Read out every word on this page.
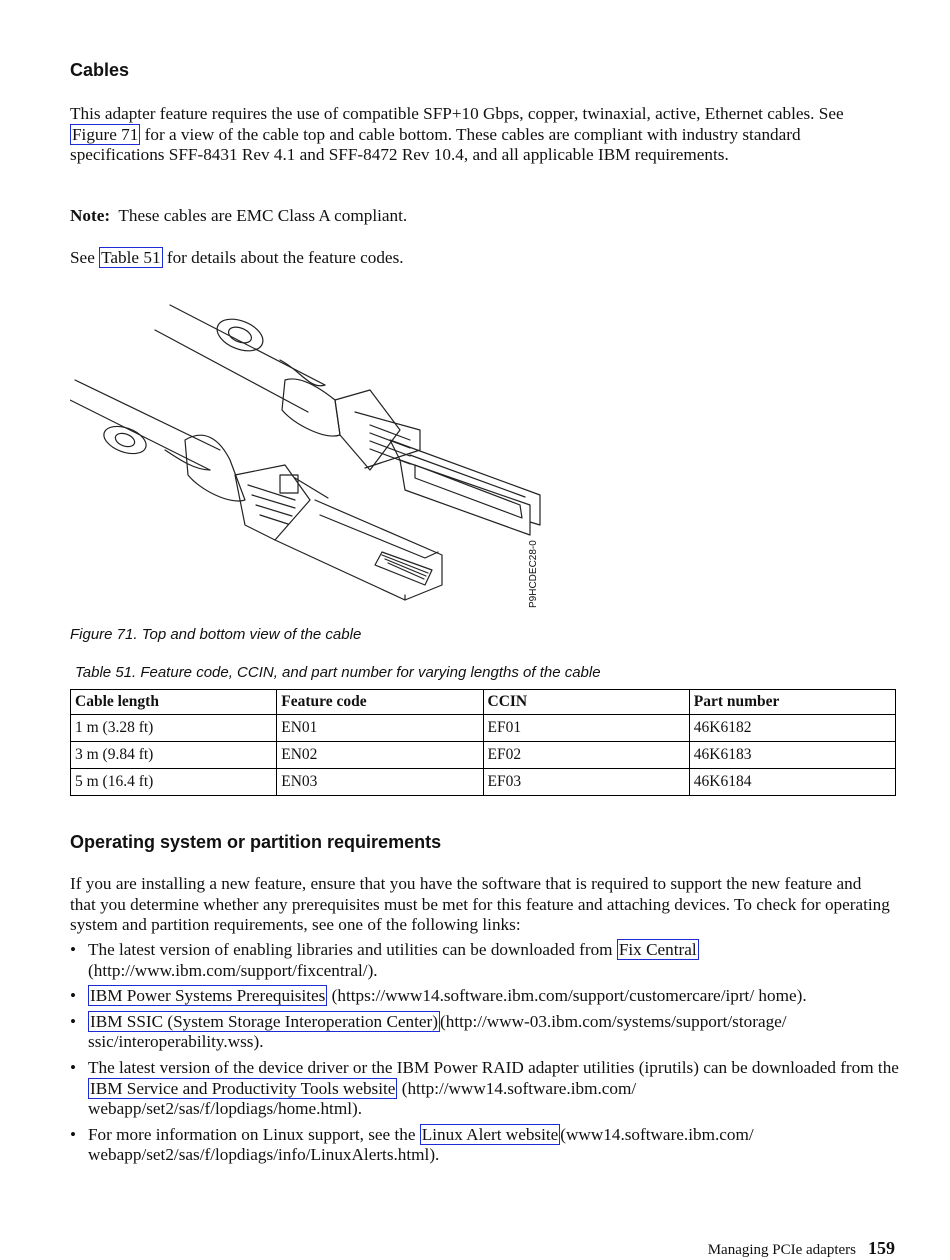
Cables

This adapter feature requires the use of compatible SFP+10 Gbps, copper, twinaxial, active, Ethernet cables. See Figure 71 for a view of the cable top and cable bottom. These cables are compliant with industry standard specifications SFF-8431 Rev 4.1 and SFF-8472 Rev 10.4, and all applicable IBM requirements.

Note: These cables are EMC Class A compliant.

See Table 51 for details about the feature codes.

P9HCDEC28-0

Figure 71. Top and bottom view of the cable

Table 51. Feature code, CCIN, and part number for varying lengths of the cable

Cable length	Feature code	CCIN	Part number
1 m (3.28 ft)	EN01	EF01	46K6182
3 m (9.84 ft)	EN02	EF02	46K6183
5 m (16.4 ft)	EN03	EF03	46K6184
Operating system or partition requirements

If you are installing a new feature, ensure that you have the software that is required to support the new feature and that you determine whether any prerequisites must be met for this feature and attaching devices. To check for operating system and partition requirements, see one of the following links:

• The latest version of enabling libraries and utilities can be downloaded from Fix Central (http://www.ibm.com/support/fixcentral/).
• IBM Power Systems Prerequisites (https://www14.software.ibm.com/support/customercare/iprt/ home).
• IBM SSIC (System Storage Interoperation Center) (http://www-03.ibm.com/systems/support/storage/ ssic/interoperability.wss).
• The latest version of the device driver or the IBM Power RAID adapter utilities (iprutils) can be downloaded from the IBM Service and Productivity Tools website (http://www14.software.ibm.com/ webapp/set2/sas/f/lopdiags/home.html).
• For more information on Linux support, see the Linux Alert website (www14.software.ibm.com/ webapp/set2/sas/f/lopdiags/info/LinuxAlerts.html).
Managing PCIe adapters 159
